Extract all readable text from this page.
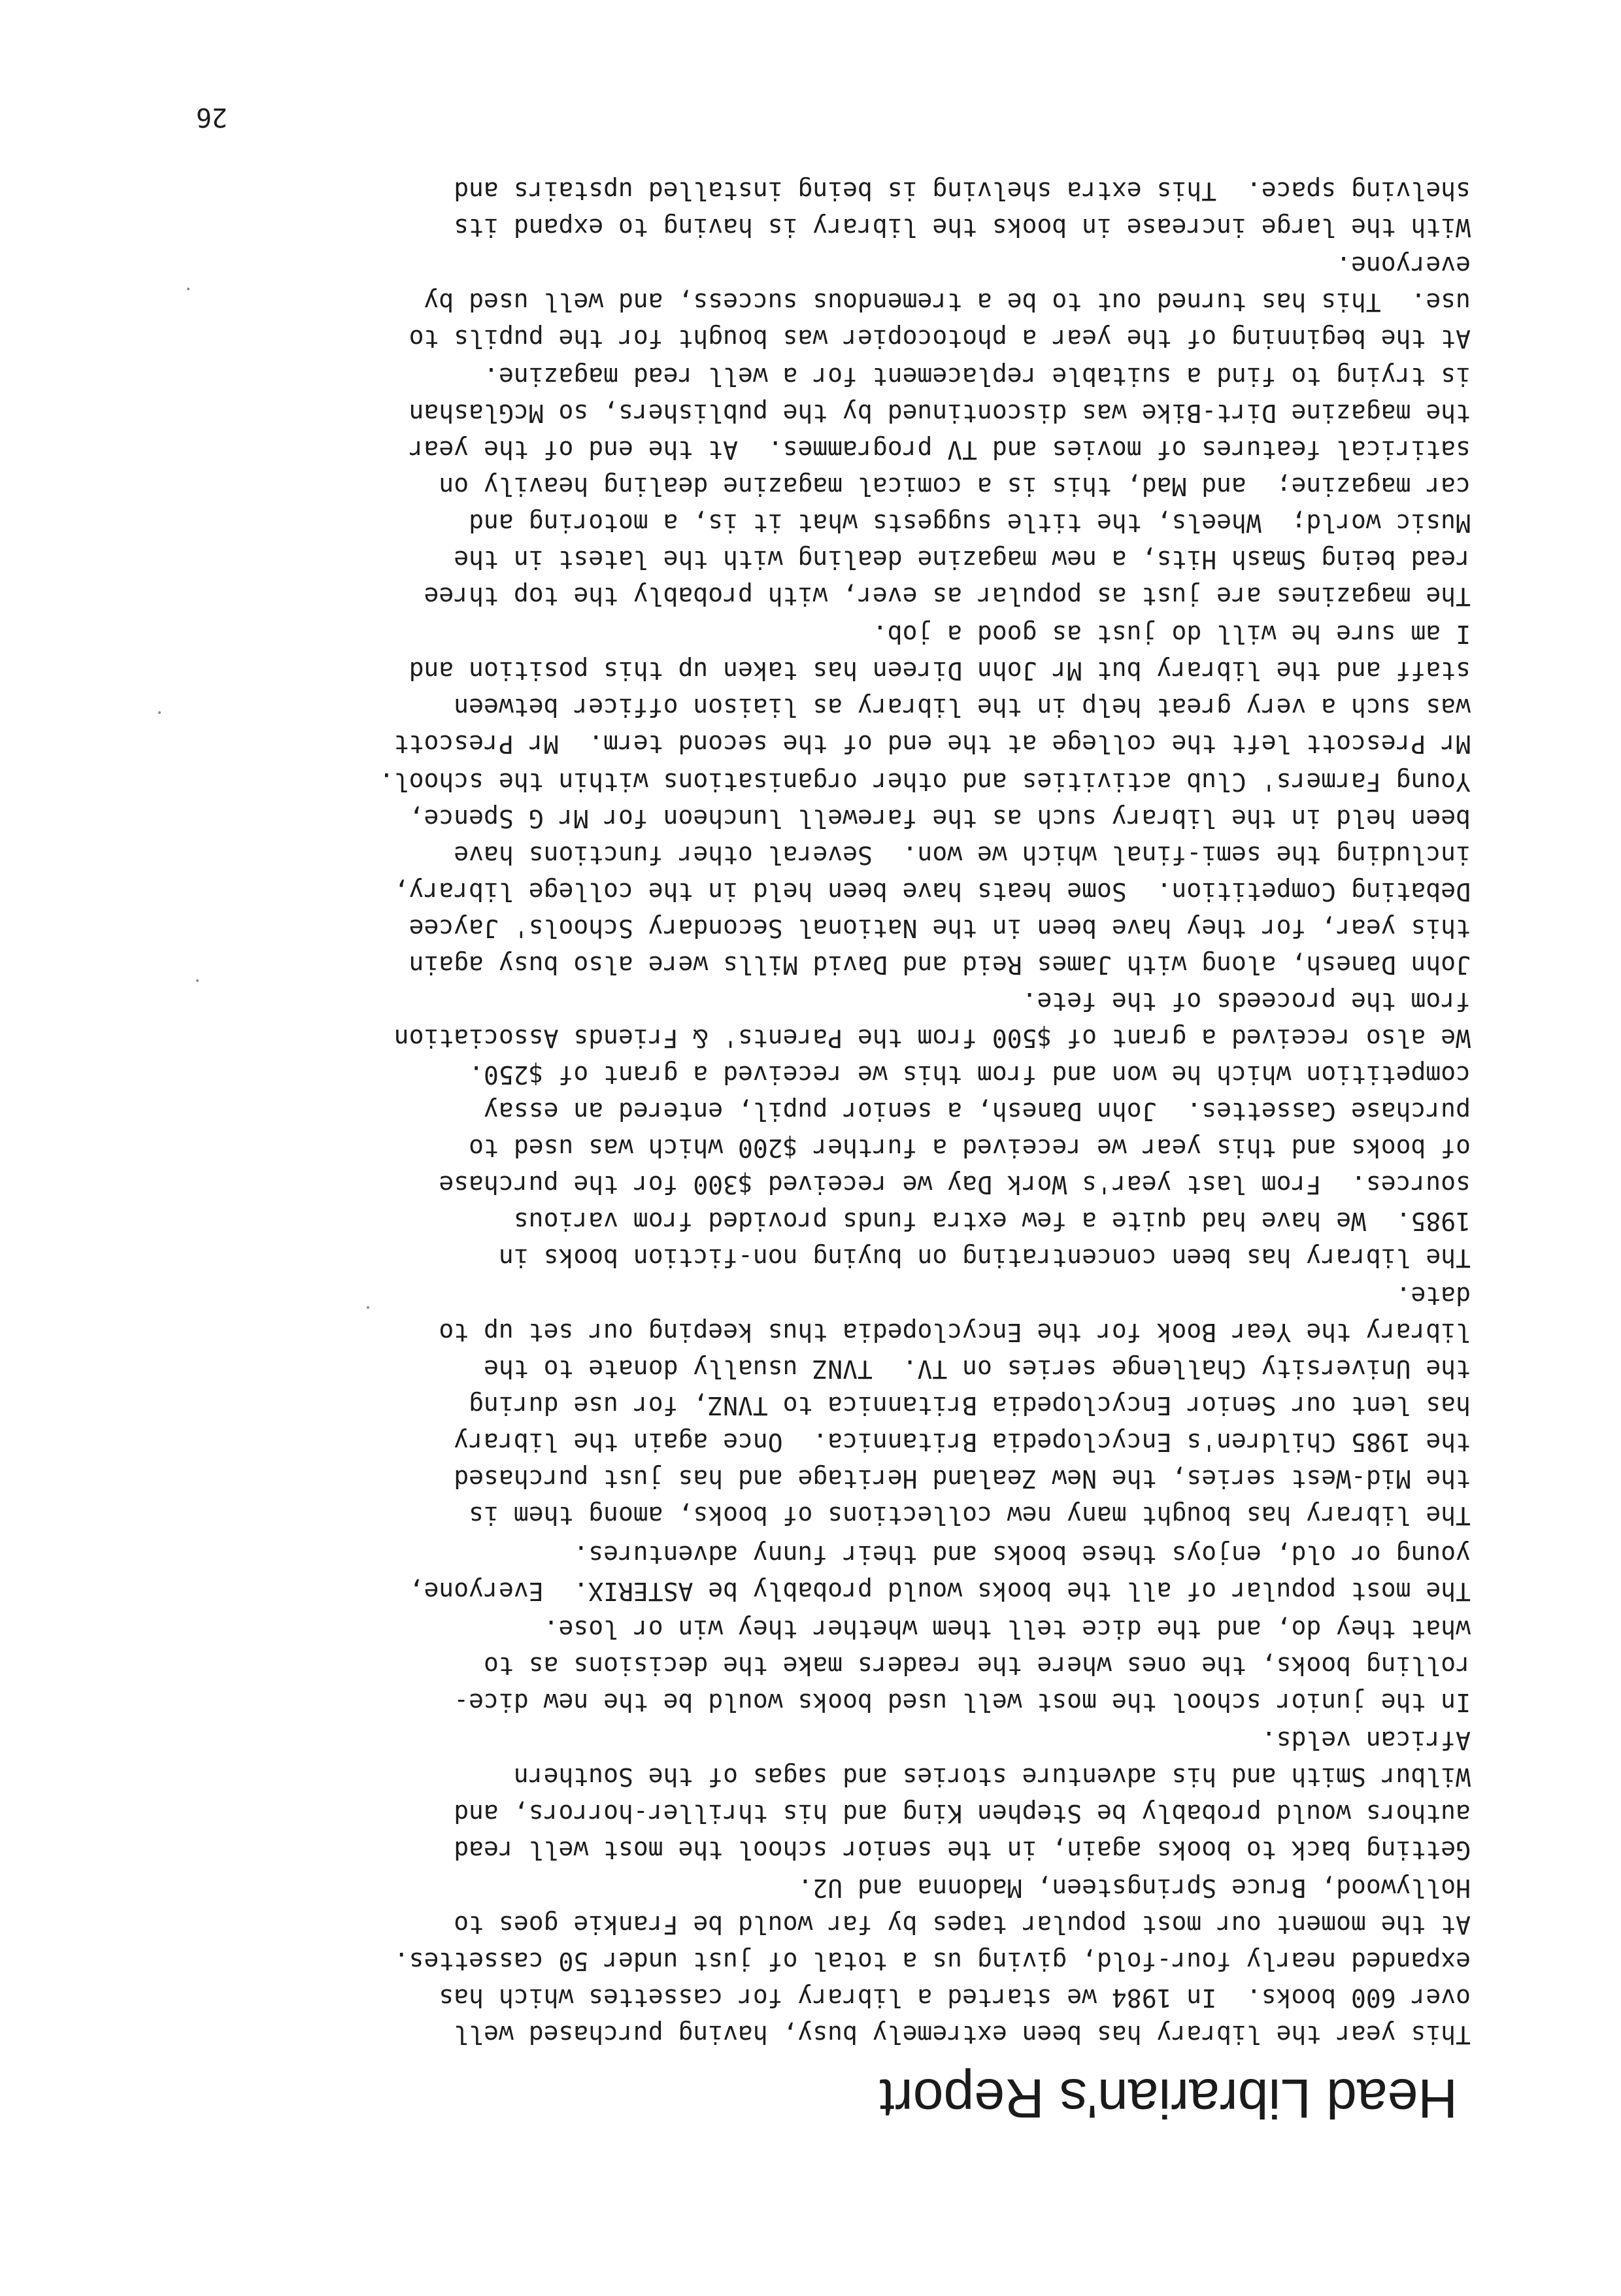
Head Librarian's Report
This year the library has been extremely busy, having purchased well
over 600 books.  In 1984 we started a library for cassettes which has
expanded nearly four-fold, giving us a total of just under 50 cassettes.
At the moment our most popular tapes by far would be Frankie goes to
Hollywood, Bruce Springsteen, Madonna and U2.
Getting back to books again, in the senior school the most well read
authors would probably be Stephen King and his thriller-horrors, and
Wilbur Smith and his adventure stories and sagas of the Southern
African velds.
In the junior school the most well used books would be the new dice-
rolling books, the ones where the readers make the decisions as to
what they do, and the dice tell them whether they win or lose.
The most popular of all the books would probably be ASTERIX.  Everyone,
young or old, enjoys these books and their funny adventures.
The library has bought many new collections of books, among them is
the Mid-West series, the New Zealand Heritage and has just purchased
the 1985 Children's Encyclopedia Britannica.  Once again the library
has lent our Senior Encyclopedia Britannica to TVNZ, for use during
the University Challenge series on TV.  TVNZ usually donate to the
library the Year Book for the Encyclopedia thus keeping our set up to
date.
The library has been concentrating on buying non-fiction books in
1985.  We have had quite a few extra funds provided from various
sources.  From last year's Work Day we received $300 for the purchase
of books and this year we received a further $200 which was used to
purchase Cassettes.  John Danesh, a senior pupil, entered an essay
competition which he won and from this we received a grant of $250.
We also received a grant of $500 from the Parents' & Friends Association
from the proceeds of the fete.
John Danesh, along with James Reid and David Mills were also busy again
this year, for they have been in the National Secondary Schools' Jaycee
Debating Competition.  Some heats have been held in the college library,
including the semi-final which we won.  Several other functions have
been held in the library such as the farewell luncheon for Mr G Spence,
Young Farmers' Club activities and other organisations within the school.
Mr Prescott left the college at the end of the second term.  Mr Prescott
was such a very great help in the library as liaison officer between
staff and the library but Mr John Direen has taken up this position and
I am sure he will do just as good a job.
The magazines are just as popular as ever, with probably the top three
read being Smash Hits, a new magazine dealing with the latest in the
Music world;  Wheels, the title suggests what it is, a motoring and
car magazine;  and Mad, this is a comical magazine dealing heavily on
satirical features of movies and TV programmes.  At the end of the year
the magazine Dirt-Bike was discontinued by the publishers, so McGlashan
is trying to find a suitable replacement for a well read magazine.
At the beginning of the year a photocopier was bought for the pupils to
use.  This has turned out to be a tremendous success, and well used by
everyone.
With the large increase in books the library is having to expand its
shelving space.  This extra shelving is being installed upstairs and
26
